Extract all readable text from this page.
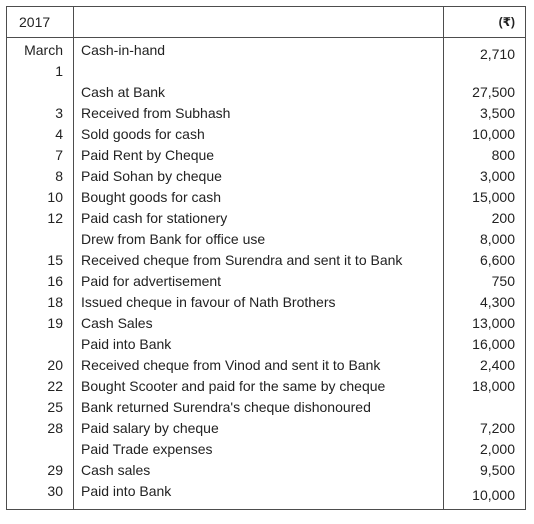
2017	(₹)
March Cash-in-hand	2,710
1
Cash at Bank	27,500
3 Received from Subhash	3,500
4 Sold goods for cash	10,000
7 Paid Rent by Cheque	800
8 Paid Sohan by cheque	3,000
10 Bought goods for cash	15,000
12 Paid cash for stationery	200
Drew from Bank for office use	8,000
15 Received cheque from Surendra and sent it to Bank	6,600
16 Paid for advertisement	750
18 Issued cheque in favour of Nath Brothers	4,300
19 Cash Sales	13,000
Paid into Bank	16,000
20 Received cheque from Vinod and sent it to Bank	2,400
22 Bought Scooter and paid for the same by cheque	18,000
25 Bank returned Surendra's cheque dishonoured
28 Paid salary by cheque	7,200
Paid Trade expenses	2,000
29 Cash sales	9,500
30 Paid into Bank	10,000
